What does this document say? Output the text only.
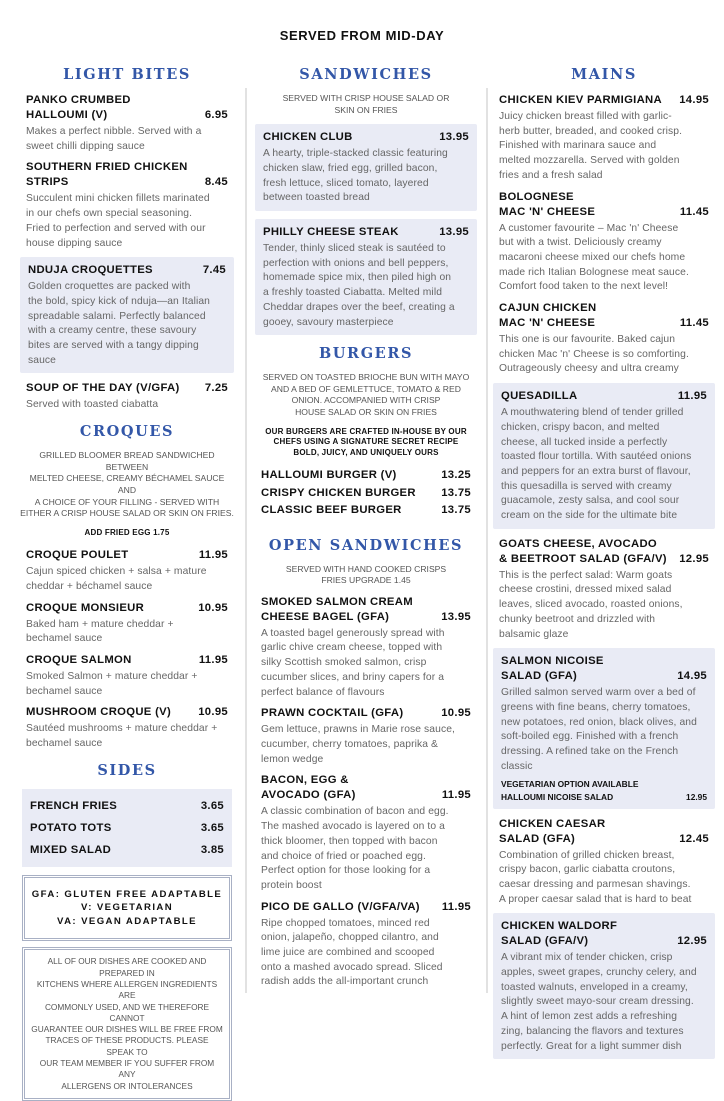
SERVED FROM MID-DAY
LIGHT BITES
PANKO CRUMBED
HALLOUMI (V)	6.95
Makes a perfect nibble. Served with a
sweet chilli dipping sauce
SOUTHERN FRIED CHICKEN
STRIPS	8.45
Succulent mini chicken fillets marinated
in our chefs own special seasoning.
Fried to perfection and served with our
house dipping sauce
NDUJA CROQUETTES	7.45
Golden croquettes are packed with
the bold, spicy kick of nduja—an Italian
spreadable salami. Perfectly balanced
with a creamy centre, these savoury
bites are served with a tangy dipping
sauce
SOUP OF THE DAY (V/GFA) 7.25
Served with toasted ciabatta
CROQUES
GRILLED BLOOMER BREAD SANDWICHED BETWEEN
MELTED CHEESE, CREAMY BÉCHAMEL SAUCE AND
A CHOICE OF YOUR FILLING - SERVED WITH
EITHER A CRISP HOUSE SALAD OR SKIN ON FRIES.
ADD FRIED EGG 1.75
CROQUE POULET	11.95
Cajun spiced chicken + salsa + mature
cheddar + béchamel sauce
CROQUE MONSIEUR	10.95
Baked ham + mature cheddar +
bechamel sauce
CROQUE SALMON	11.95
Smoked Salmon + mature cheddar +
bechamel sauce
MUSHROOM CROQUE (V) 10.95
Sautéed mushrooms + mature cheddar +
bechamel sauce
SIDES
FRENCH FRIES	3.65
POTATO TOTS	3.65
MIXED SALAD	3.85
GFA: GLUTEN FREE ADAPTABLE
V: VEGETARIAN
VA: VEGAN ADAPTABLE
ALL OF OUR DISHES ARE COOKED AND PREPARED IN
KITCHENS WHERE ALLERGEN INGREDIENTS ARE
COMMONLY USED, AND WE THEREFORE CANNOT
GUARANTEE OUR DISHES WILL BE FREE FROM
TRACES OF THESE PRODUCTS. PLEASE SPEAK TO
OUR TEAM MEMBER IF YOU SUFFER FROM ANY
ALLERGENS OR INTOLERANCES
SANDWICHES
SERVED WITH CRISP HOUSE SALAD OR
SKIN ON FRIES
CHICKEN CLUB	13.95
A hearty, triple-stacked classic featuring
chicken slaw, fried egg, grilled bacon,
fresh lettuce, sliced tomato, layered
between toasted bread
PHILLY CHEESE STEAK	13.95
Tender, thinly sliced steak is sautéed to
perfection with onions and bell peppers,
homemade spice mix, then piled high on
a freshly toasted Ciabatta. Melted mild
Cheddar drapes over the beef, creating a
gooey, savoury masterpiece
BURGERS
SERVED ON TOASTED BRIOCHE BUN WITH MAYO
AND A BED OF GEMLETTUCE, TOMATO & RED
ONION. ACCOMPANIED WITH CRISP
HOUSE SALAD OR SKIN ON FRIES
OUR BURGERS ARE CRAFTED IN-HOUSE BY OUR
CHEFS USING A SIGNATURE SECRET RECIPE
BOLD, JUICY, AND UNIQUELY OURS
HALLOUMI BURGER (V)	13.25
CRISPY CHICKEN BURGER 13.75
CLASSIC BEEF BURGER	13.75
OPEN SANDWICHES
SERVED WITH HAND COOKED CRISPS
FRIES UPGRADE 1.45
SMOKED SALMON CREAM
CHEESE BAGEL (GFA)	13.95
A toasted bagel generously spread with
garlic chive cream cheese, topped with
silky Scottish smoked salmon, crisp
cucumber slices, and briny capers for a
perfect balance of flavours
PRAWN COCKTAIL (GFA)	10.95
Gem lettuce, prawns in Marie rose sauce,
cucumber, cherry tomatoes, paprika &
lemon wedge
BACON, EGG &
AVOCADO (GFA)	11.95
A classic combination of bacon and egg.
The mashed avocado is layered on to a
thick bloomer, then topped with bacon
and choice of fried or poached egg.
Perfect option for those looking for a
protein boost
PICO DE GALLO (V/GFA/VA) 11.95
Ripe chopped tomatoes, minced red
onion, jalapeño, chopped cilantro, and
lime juice are combined and scooped
onto a mashed avocado spread. Sliced
radish adds the all-important crunch
MAINS
CHICKEN KIEV PARMIGIANA 14.95
Juicy chicken breast filled with garlic-
herb butter, breaded, and cooked crisp.
Finished with marinara sauce and
melted mozzarella. Served with golden
fries and a fresh salad
BOLOGNESE
MAC 'N' CHEESE	11.45
A customer favourite – Mac 'n' Cheese
but with a twist. Deliciously creamy
macaroni cheese mixed our chefs home
made rich Italian Bolognese meat sauce.
Comfort food taken to the next level!
CAJUN CHICKEN
MAC 'N' CHEESE	11.45
This one is our favourite. Baked cajun
chicken Mac 'n' Cheese is so comforting.
Outrageously cheesy and ultra creamy
QUESADILLA	11.95
A mouthwatering blend of tender grilled
chicken, crispy bacon, and melted
cheese, all tucked inside a perfectly
toasted flour tortilla. With sautéed onions
and peppers for an extra burst of flavour,
this quesadilla is served with creamy
guacamole, zesty salsa, and cool sour
cream on the side for the ultimate bite
GOATS CHEESE, AVOCADO
& BEETROOT SALAD (GFA/V) 12.95
This is the perfect salad: Warm goats
cheese crostini, dressed mixed salad
leaves, sliced avocado, roasted onions,
chunky beetroot and drizzled with
balsamic glaze
SALMON NICOISE
SALAD (GFA)	14.95
Grilled salmon served warm over a bed of
greens with fine beans, cherry tomatoes,
new potatoes, red onion, black olives, and
soft-boiled egg. Finished with a french
dressing. A refined take on the French
classic
VEGETARIAN OPTION AVAILABLE
HALLOUMI NICOISE SALAD	12.95
CHICKEN CAESAR
SALAD (GFA)	12.45
Combination of grilled chicken breast,
crispy bacon, garlic ciabatta croutons,
caesar dressing and parmesan shavings.
A proper caesar salad that is hard to beat
CHICKEN WALDORF
SALAD (GFA/V)	12.95
A vibrant mix of tender chicken, crisp
apples, sweet grapes, crunchy celery, and
toasted walnuts, enveloped in a creamy,
slightly sweet mayo-sour cream dressing.
A hint of lemon zest adds a refreshing
zing, balancing the flavors and textures
perfectly. Great for a light summer dish
